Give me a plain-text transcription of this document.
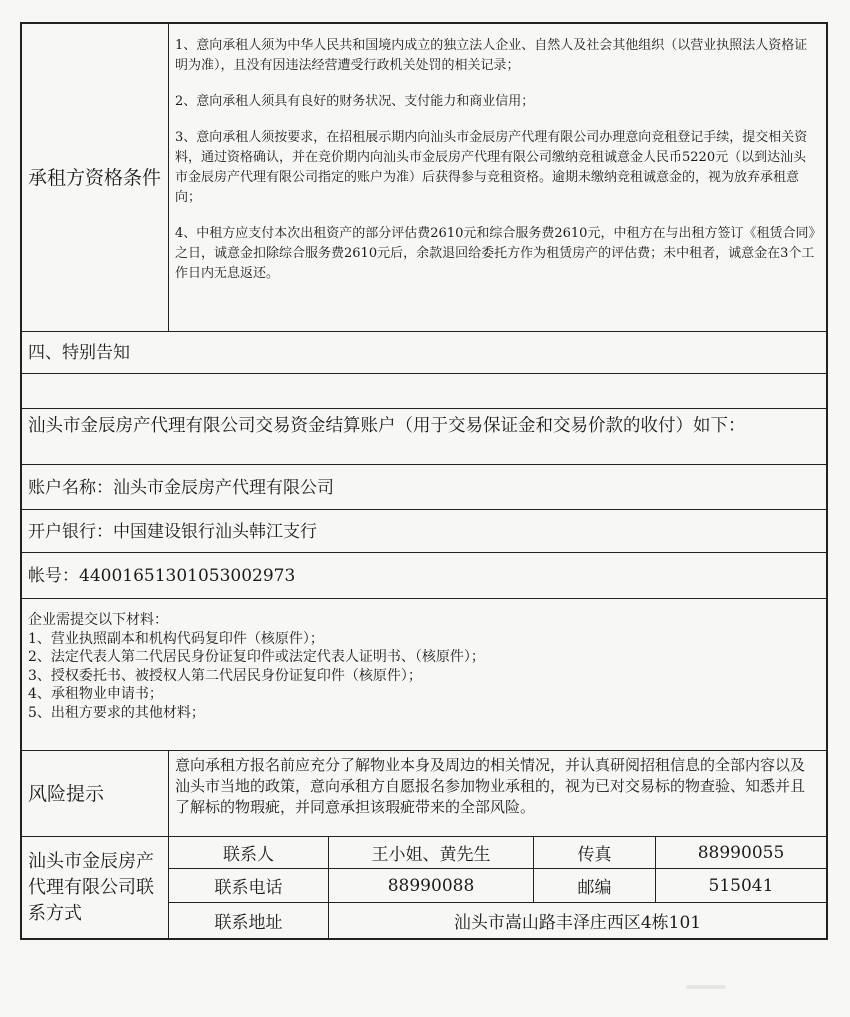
承租方资格条件

1、意向承租人须为中华人民共和国境内成立的独立法人企业、自然人及社会其他组织（以营业执照法人资格证明为准），且没有因违法经营遭受行政机关处罚的相关记录；

2、意向承租人须具有良好的财务状况、支付能力和商业信用；

3、意向承租人须按要求，在招租展示期内向汕头市金辰房产代理有限公司办理意向竞租登记手续，提交相关资料，通过资格确认，并在竞价期内向汕头市金辰房产代理有限公司缴纳竞租诚意金人民币5220元（以到达汕头市金辰房产代理有限公司指定的账户为准）后获得参与竞租资格。逾期未缴纳竞租诚意金的，视为放弃承租意向；

4、中租方应支付本次出租资产的部分评估费2610元和综合服务费2610元，中租方在与出租方签订《租赁合同》之日，诚意金扣除综合服务费2610元后，余款退回给委托方作为租赁房产的评估费；未中租者，诚意金在3个工作日内无息返还。

四、特别告知
汕头市金辰房产代理有限公司交易资金结算账户（用于交易保证金和交易价款的收付）如下：
账户名称：汕头市金辰房产代理有限公司
开户银行：中国建设银行汕头韩江支行
帐号：44001651301053002973
企业需提交以下材料：
1、营业执照副本和机构代码复印件（核原件）；
2、法定代表人第二代居民身份证复印件或法定代表人证明书、（核原件）；
3、授权委托书、被授权人第二代居民身份证复印件（核原件）；
4、承租物业申请书；
5、出租方要求的其他材料；
风险提示
意向承租方报名前应充分了解物业本身及周边的相关情况，并认真研阅招租信息的全部内容以及汕头市当地的政策，意向承租方自愿报名参加物业承租的，视为已对交易标的物查验、知悉并且了解标的物瑕疵，并同意承担该瑕疵带来的全部风险。
汕头市金辰房产代理有限公司联系方式
联系人	王小姐、黄先生	传真	88990055
联系电话	88990088	邮编	515041
联系地址	汕头市嵩山路丰泽庄西区4栋101
